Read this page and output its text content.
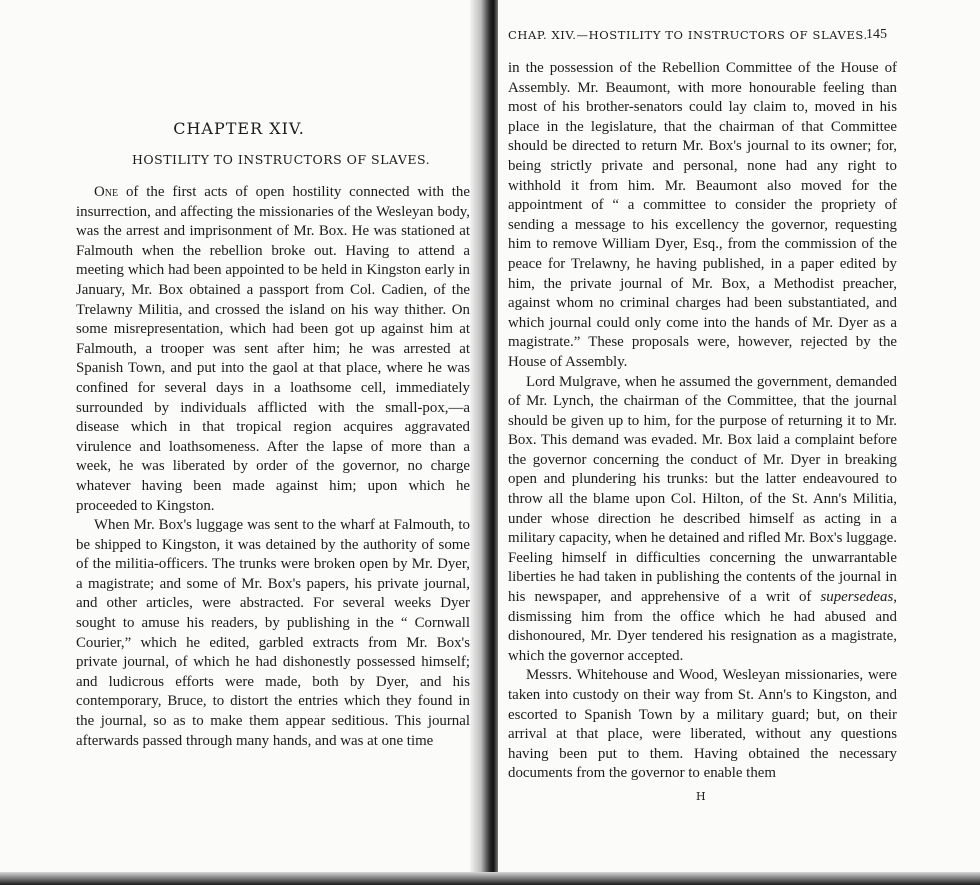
CHAPTER XIV.
HOSTILITY TO INSTRUCTORS OF SLAVES.

One of the first acts of open hostility connected with the insurrection, and affecting the missionaries of the Wesleyan body, was the arrest and imprisonment of Mr. Box. He was stationed at Falmouth when the rebellion broke out. Having to attend a meeting which had been appointed to be held in Kingston early in January, Mr. Box obtained a passport from Col. Cadien, of the Trelawny Militia, and crossed the island on his way thither. On some misrepresentation, which had been got up against him at Falmouth, a trooper was sent after him; he was arrested at Spanish Town, and put into the gaol at that place, where he was confined for several days in a loathsome cell, immediately surrounded by individuals afflicted with the small-pox,—a disease which in that tropical region acquires aggravated virulence and loathsomeness. After the lapse of more than a week, he was liberated by order of the governor, no charge whatever having been made against him; upon which he proceeded to Kingston.

When Mr. Box's luggage was sent to the wharf at Falmouth, to be shipped to Kingston, it was detained by the authority of some of the militia-officers. The trunks were broken open by Mr. Dyer, a magistrate; and some of Mr. Box's papers, his private journal, and other articles, were abstracted. For several weeks Dyer sought to amuse his readers, by publishing in the “ Cornwall Courier,” which he edited, garbled extracts from Mr. Box's private journal, of which he had dishonestly possessed himself; and ludicrous efforts were made, both by Dyer, and his contemporary, Bruce, to distort the entries which they found in the journal, so as to make them appear seditious. This journal afterwards passed through many hands, and was at one time

CHAP. XIV.—HOSTILITY TO INSTRUCTORS OF SLAVES.
145

in the possession of the Rebellion Committee of the House of Assembly. Mr. Beaumont, with more honourable feeling than most of his brother-senators could lay claim to, moved in his place in the legislature, that the chairman of that Committee should be directed to return Mr. Box's journal to its owner; for, being strictly private and personal, none had any right to withhold it from him. Mr. Beaumont also moved for the appointment of “ a committee to consider the propriety of sending a message to his excellency the governor, requesting him to remove William Dyer, Esq., from the commission of the peace for Trelawny, he having published, in a paper edited by him, the private journal of Mr. Box, a Methodist preacher, against whom no criminal charges had been substantiated, and which journal could only come into the hands of Mr. Dyer as a magistrate.” These proposals were, however, rejected by the House of Assembly.

Lord Mulgrave, when he assumed the government, demanded of Mr. Lynch, the chairman of the Committee, that the journal should be given up to him, for the purpose of returning it to Mr. Box. This demand was evaded. Mr. Box laid a complaint before the governor concerning the conduct of Mr. Dyer in breaking open and plundering his trunks: but the latter endeavoured to throw all the blame upon Col. Hilton, of the St. Ann's Militia, under whose direction he described himself as acting in a military capacity, when he detained and rifled Mr. Box's luggage. Feeling himself in difficulties concerning the unwarrantable liberties he had taken in publishing the contents of the journal in his newspaper, and apprehensive of a writ of supersedeas, dismissing him from the office which he had abused and dishonoured, Mr. Dyer tendered his resignation as a magistrate, which the governor accepted.

Messrs. Whitehouse and Wood, Wesleyan missionaries, were taken into custody on their way from St. Ann's to Kingston, and escorted to Spanish Town by a military guard; but, on their arrival at that place, were liberated, without any questions having been put to them. Having obtained the necessary documents from the governor to enable them

H
